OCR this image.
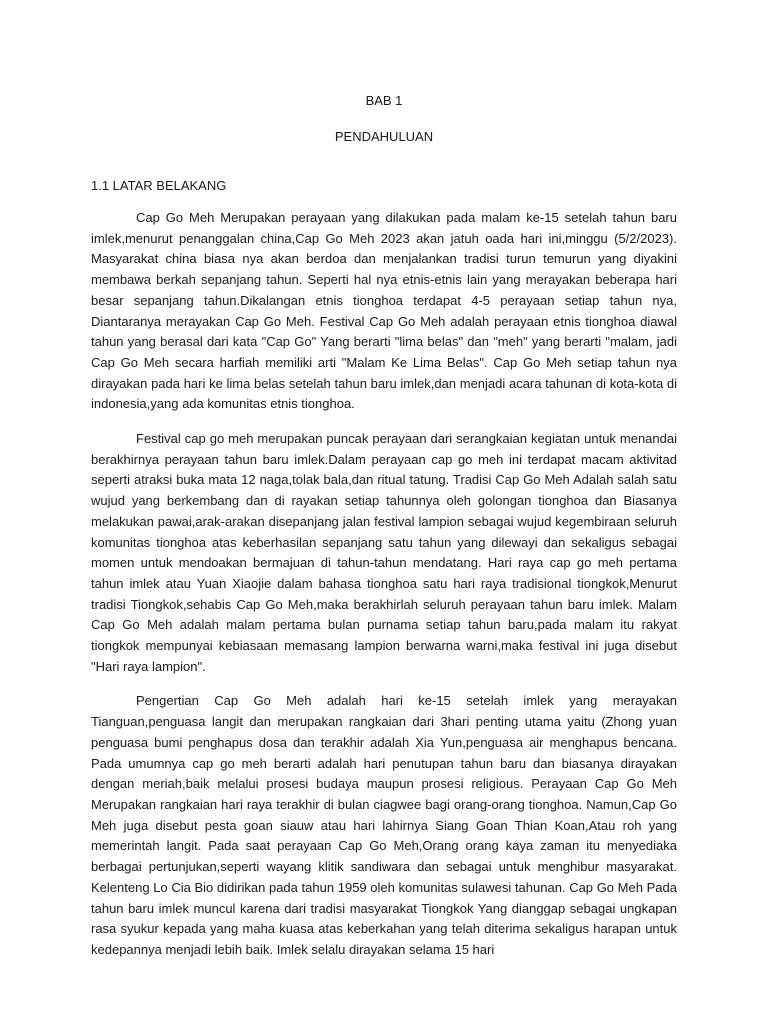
BAB 1
PENDAHULUAN
1.1 LATAR BELAKANG

Cap Go Meh Merupakan perayaan yang dilakukan pada malam ke-15 setelah tahun baru imlek,menurut penanggalan china,Cap Go Meh 2023 akan jatuh oada hari ini,minggu (5/2/2023). Masyarakat china biasa nya akan berdoa dan menjalankan tradisi turun temurun yang diyakini membawa berkah sepanjang tahun. Seperti hal nya etnis-etnis lain yang merayakan beberapa hari besar sepanjang tahun.Dikalangan etnis tionghoa terdapat 4-5 perayaan setiap tahun nya, Diantaranya merayakan Cap Go Meh. Festival Cap Go Meh adalah perayaan etnis tionghoa diawal tahun yang berasal dari kata "Cap Go" Yang berarti "lima belas" dan "meh" yang berarti "malam, jadi Cap Go Meh secara harfiah memiliki arti "Malam Ke Lima Belas". Cap Go Meh setiap tahun nya dirayakan pada hari ke lima belas setelah tahun baru imlek,dan menjadi acara tahunan di kota-kota di indonesia,yang ada komunitas etnis tionghoa.

Festival cap go meh merupakan puncak perayaan dari serangkaian kegiatan untuk menandai berakhirnya perayaan tahun baru imlek.Dalam perayaan cap go meh ini terdapat macam aktivitad seperti atraksi buka mata 12 naga,tolak bala,dan ritual tatung. Tradisi Cap Go Meh Adalah salah satu wujud yang berkembang dan di rayakan setiap tahunnya oleh golongan tionghoa dan Biasanya melakukan pawai,arak-arakan disepanjang jalan festival lampion sebagai wujud kegembiraan seluruh komunitas tionghoa atas keberhasilan sepanjang satu tahun yang dilewayi dan sekaligus sebagai momen untuk mendoakan bermajuan di tahun-tahun mendatang. Hari raya cap go meh pertama tahun imlek atau Yuan Xiaojie dalam bahasa tionghoa satu hari raya tradisional tiongkok,Menurut tradisi Tiongkok,sehabis Cap Go Meh,maka berakhirlah seluruh perayaan tahun baru imlek. Malam Cap Go Meh adalah malam pertama bulan purnama setiap tahun baru,pada malam itu rakyat tiongkok mempunyai kebiasaan memasang lampion berwarna warni,maka festival ini juga disebut "Hari raya lampion".

Pengertian Cap Go Meh adalah hari ke-15 setelah imlek yang merayakan Tianguan,penguasa langit dan merupakan rangkaian dari 3hari penting utama yaitu (Zhong yuan penguasa bumi penghapus dosa dan terakhir adalah Xia Yun,penguasa air menghapus bencana. Pada umumnya cap go meh berarti adalah hari penutupan tahun baru dan biasanya dirayakan dengan meriah,baik melalui prosesi budaya maupun prosesi religious. Perayaan Cap Go Meh Merupakan rangkaian hari raya terakhir di bulan ciagwee bagi orang-orang tionghoa. Namun,Cap Go Meh juga disebut pesta goan siauw atau hari lahirnya Siang Goan Thian Koan,Atau roh yang memerintah langit. Pada saat perayaan Cap Go Meh,Orang orang kaya zaman itu menyediaka berbagai pertunjukan,seperti wayang klitik sandiwara dan sebagai untuk menghibur masyarakat. Kelenteng Lo Cia Bio didirikan pada tahun 1959 oleh komunitas sulawesi tahunan. Cap Go Meh Pada tahun baru imlek muncul karena dari tradisi masyarakat Tiongkok Yang dianggap sebagai ungkapan rasa syukur kepada yang maha kuasa atas keberkahan yang telah diterima sekaligus harapan untuk kedepannya menjadi lebih baik. Imlek selalu dirayakan selama 15 hari
